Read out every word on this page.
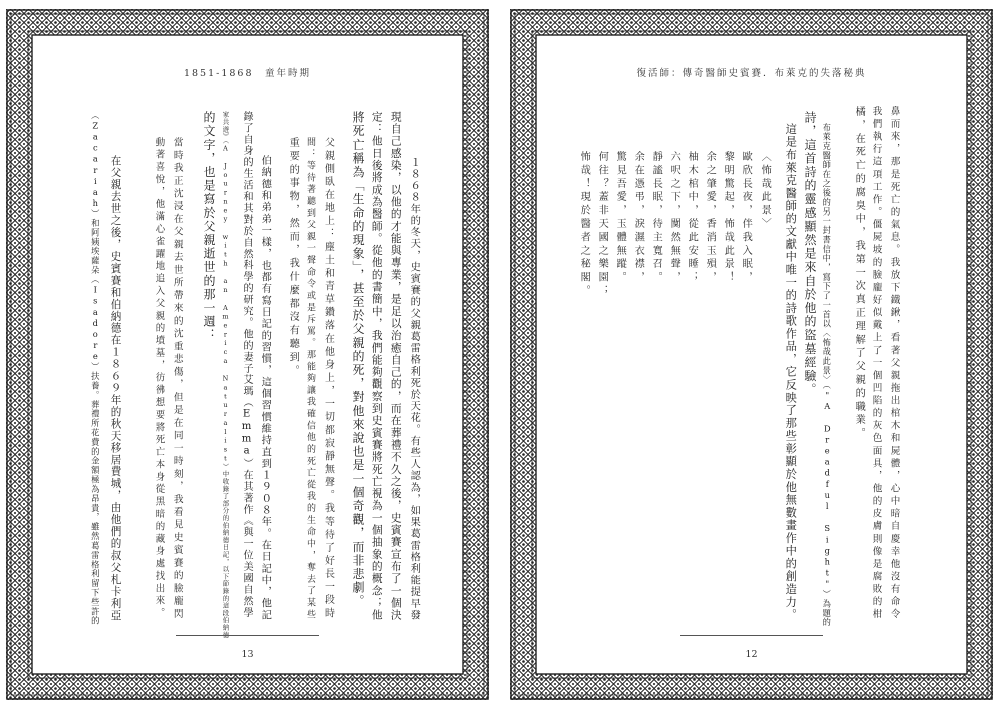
1851-1868　童年時期
１８６８年的冬天，史賓賽的父親葛雷格利死於天花。有些人認為，如果葛雷格利能提早發
現自己感染，以他的才能與專業，是足以治癒自己的，而在葬禮不久之後，史賓賽宣布了一個決
定：他日後將成為醫師。從他的書簡中，我們能夠觀察到史賓賽將死亡視為一個抽象的概念；他
將死亡稱為「生命的現象」，甚至於父親的死，對他來說也是一個奇觀，而非悲劇。
父親側臥在地上：塵土和青草鑽落在他身上，一切都寂靜無聲。我等待了好長一段時
間：等待著聽到父親一聲命令或是斥罵。那能夠讓我確信他的死亡從我的生命中，奪去了某些
重要的事物，然而，我什麼都沒有聽到。
伯納德和弟弟一樣，也都有寫日記的習慣，這個習慣維持直到１９０８年。在日記中，他記
錄了自身的生活和其對於自然科學的研究。他的妻子艾瑪（Emma）在其著作《與一位美國自然學
家共遊》（A Journey with an America Naturalist）中收錄了部分的伯納德日記，以下節錄的這段伯納德
的文字，也是寫於父親逝世的那一週：
當時我正沈浸在父親去世所帶來的沈重悲傷，但是在同一時刻，我看見史賓賽的臉龐閃
動著喜悅，他滿心雀躍地追入父親的墳墓，彷彿想要將死亡本身從黑暗的藏身處找出來。
在父親去世之後，史賓賽和伯納德在１８６９年的秋天移居費城，由他們的叔父札卡利亞
（Zacariah）和阿姨埃薩朵（Isadore）扶養。葬禮所花費的金額極為昂貴，雖然葛雷格利留下些許的
13
復活師：傳奇醫師史賓賽．布萊克的失落秘典
鼻而來，那是死亡的氣息。我放下鐵鍬，看著父親拖出棺木和屍體，心中暗自慶幸他沒有命令
我們執行這項工作。僵屍坡的臉龐好似戴上了一個凹陷的灰色面具，他的皮膚則像是腐敗的柑
橘，在死亡的腐臭中，我第一次真正理解了父親的職業。
布萊克醫師在之後的另一封書信中，寫下了一首以〈怖哉此景〉（"A Dreadful Sight"）為題的
詩，這首詩的靈感顯然是來自於他的盜墓經驗。
這是布萊克醫師的文獻中唯一的詩歌作品，它反映了那些彰顯於他無數畫作中的創造力。
〈怖哉此景〉
歐欣長夜，伴我入眠，
黎明驚起，怖哉此景！
余之肇愛，香消玉殞，
柚木棺中，從此安睡；
六呎之下，闃然無聲，
靜謐長眠，待主寬召。
余在憑弔，淚濕衣襟，
驚見吾愛，玉體無蹤。
何往？蓋非天國之樂園；
怖哉！現於醫者之秘閣。
12
